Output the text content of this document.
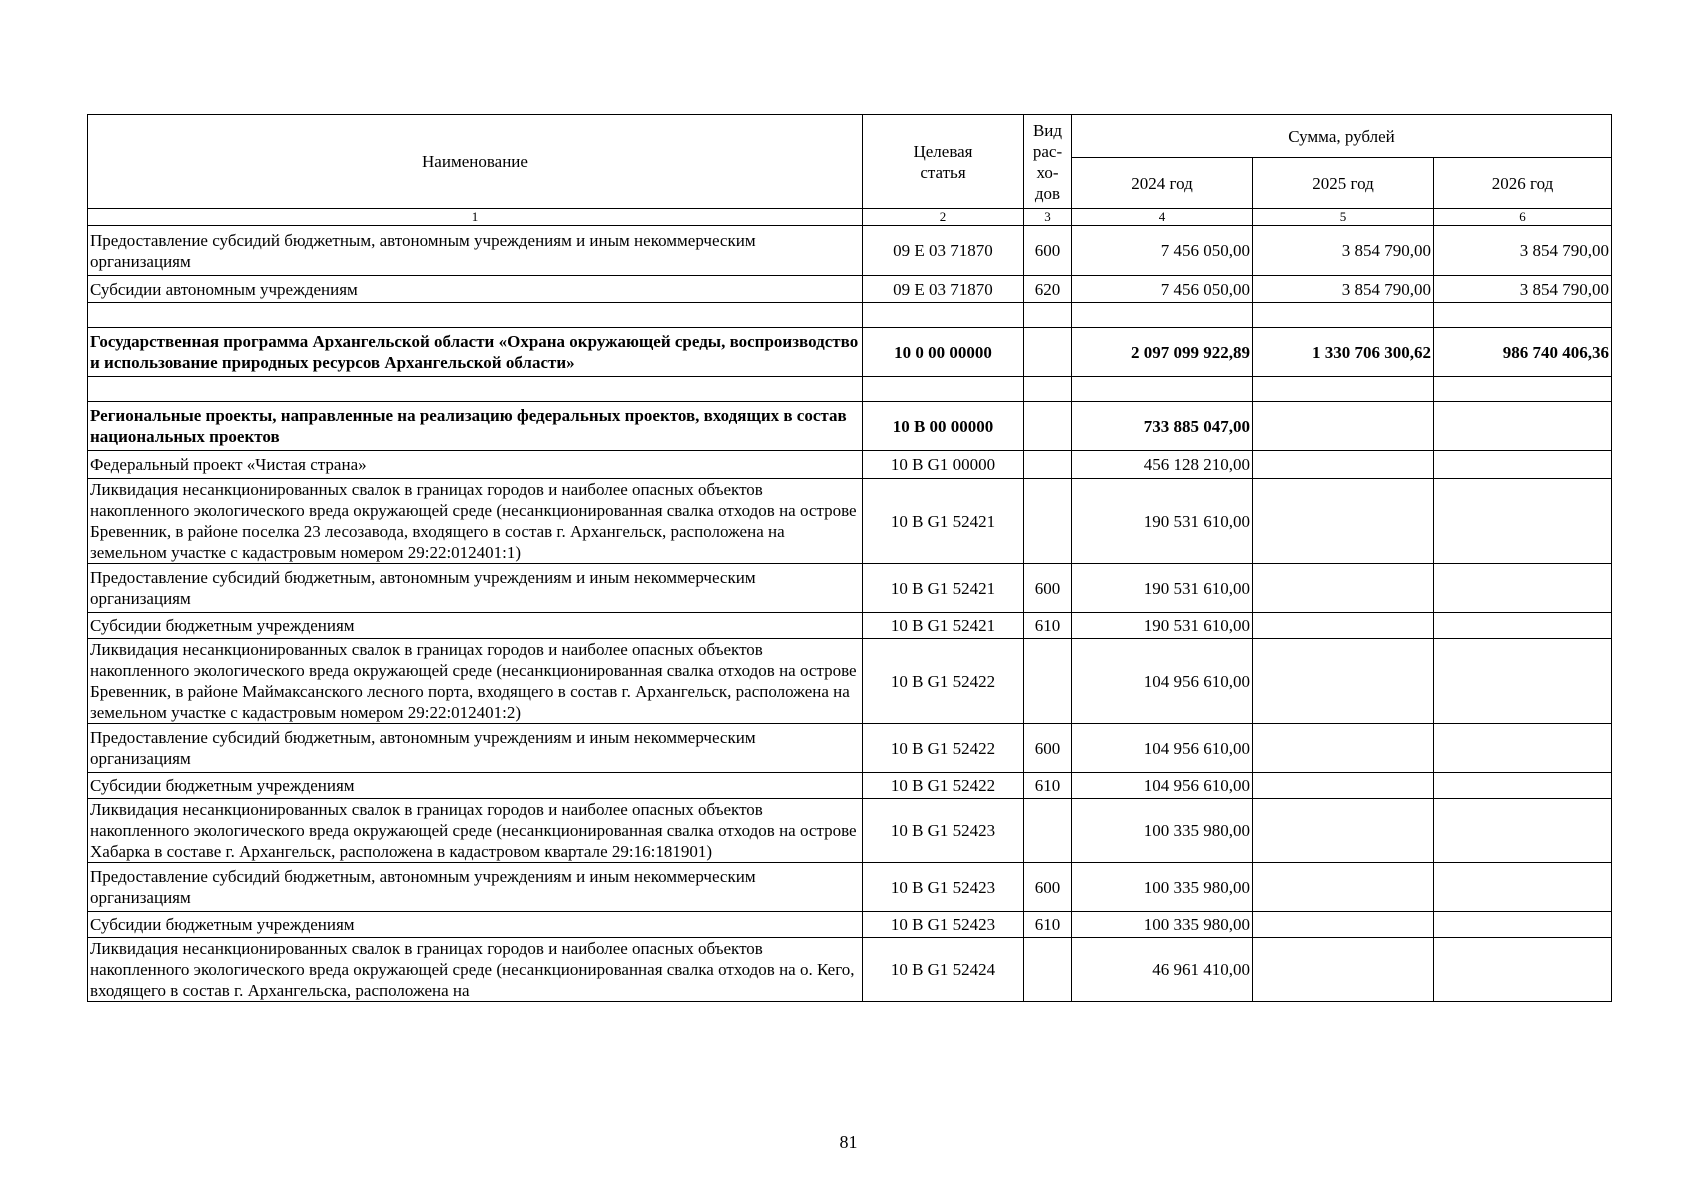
Наименование	Целевая статья	Вид рас- хо- дов	Сумма, рублей		
			2024 год	2025 год	2026 год
1	2	3	4	5	6
Предоставление субсидий бюджетным, автономным учреждениям и иным некоммерческим организациям	09 Е 03 71870	600	7 456 050,00	3 854 790,00	3 854 790,00
Субсидии автономным учреждениям	09 Е 03 71870	620	7 456 050,00	3 854 790,00	3 854 790,00

Государственная программа Архангельской области «Охрана окружающей среды, воспроизводство и использование природных ресурсов Архангельской области»	10 0 00 00000		2 097 099 922,89	1 330 706 300,62	986 740 406,36

Региональные проекты, направленные на реализацию федеральных проектов, входящих в состав национальных проектов	10 В 00 00000		733 885 047,00		
Федеральный проект «Чистая страна»	10 В G1 00000		456 128 210,00		
Ликвидация несанкционированных свалок в границах городов и наиболее опасных объектов накопленного экологического вреда окружающей среде (несанкционированная свалка отходов на острове Бревенник, в районе поселка 23 лесозавода, входящего в состав г. Архангельск, расположена на земельном участке с кадастровым номером 29:22:012401:1)	10 В G1 52421		190 531 610,00		
Предоставление субсидий бюджетным, автономным учреждениям и иным некоммерческим организациям	10 В G1 52421	600	190 531 610,00		
Субсидии бюджетным учреждениям	10 В G1 52421	610	190 531 610,00		
Ликвидация несанкционированных свалок в границах городов и наиболее опасных объектов накопленного экологического вреда окружающей среде (несанкционированная свалка отходов на острове Бревенник, в районе Маймаксанского лесного порта, входящего в состав г. Архангельск, расположена на земельном участке с кадастровым номером 29:22:012401:2)	10 В G1 52422		104 956 610,00		
Предоставление субсидий бюджетным, автономным учреждениям и иным некоммерческим организациям	10 В G1 52422	600	104 956 610,00		
Субсидии бюджетным учреждениям	10 В G1 52422	610	104 956 610,00		
Ликвидация несанкционированных свалок в границах городов и наиболее опасных объектов накопленного экологического вреда окружающей среде (несанкционированная свалка отходов на острове Хабарка в составе г. Архангельск, расположена в кадастровом квартале 29:16:181901)	10 В G1 52423		100 335 980,00		
Предоставление субсидий бюджетным, автономным учреждениям и иным некоммерческим организациям	10 В G1 52423	600	100 335 980,00		
Субсидии бюджетным учреждениям	10 В G1 52423	610	100 335 980,00		
Ликвидация несанкционированных свалок в границах городов и наиболее опасных объектов накопленного экологического вреда окружающей среде (несанкционированная свалка отходов на о. Кего, входящего в состав г. Архангельска, расположена на	10 В G1 52424		46 961 410,00		
81
